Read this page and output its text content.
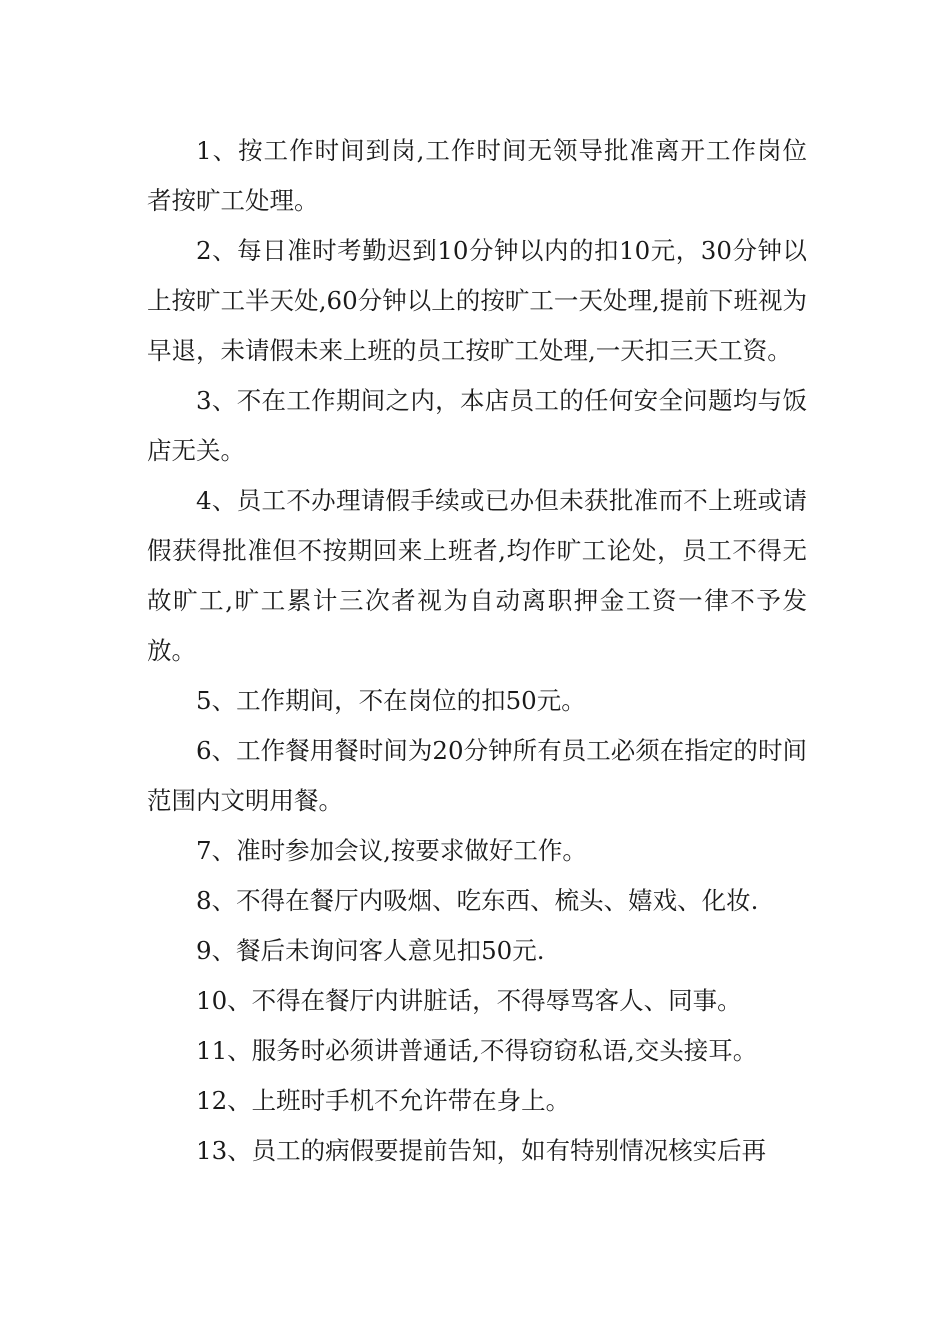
1、按工作时间到岗,工作时间无领导批准离开工作岗位者按旷工处理。

2、每日准时考勤迟到10分钟以内的扣10元，30分钟以上按旷工半天处,60分钟以上的按旷工一天处理,提前下班视为早退，未请假未来上班的员工按旷工处理,一天扣三天工资。

3、不在工作期间之内，本店员工的任何安全问题均与饭店无关。

4、员工不办理请假手续或已办但未获批准而不上班或请假获得批准但不按期回来上班者,均作旷工论处，员工不得无故旷工,旷工累计三次者视为自动离职押金工资一律不予发放。

5、工作期间，不在岗位的扣50元。

6、工作餐用餐时间为20分钟所有员工必须在指定的时间范围内文明用餐。

7、准时参加会议,按要求做好工作。

8、不得在餐厅内吸烟、吃东西、梳头、嬉戏、化妆.

9、餐后未询问客人意见扣50元.

10、不得在餐厅内讲脏话，不得辱骂客人、同事。

11、服务时必须讲普通话,不得窃窃私语,交头接耳。

12、上班时手机不允许带在身上。

13、员工的病假要提前告知，如有特别情况核实后再
